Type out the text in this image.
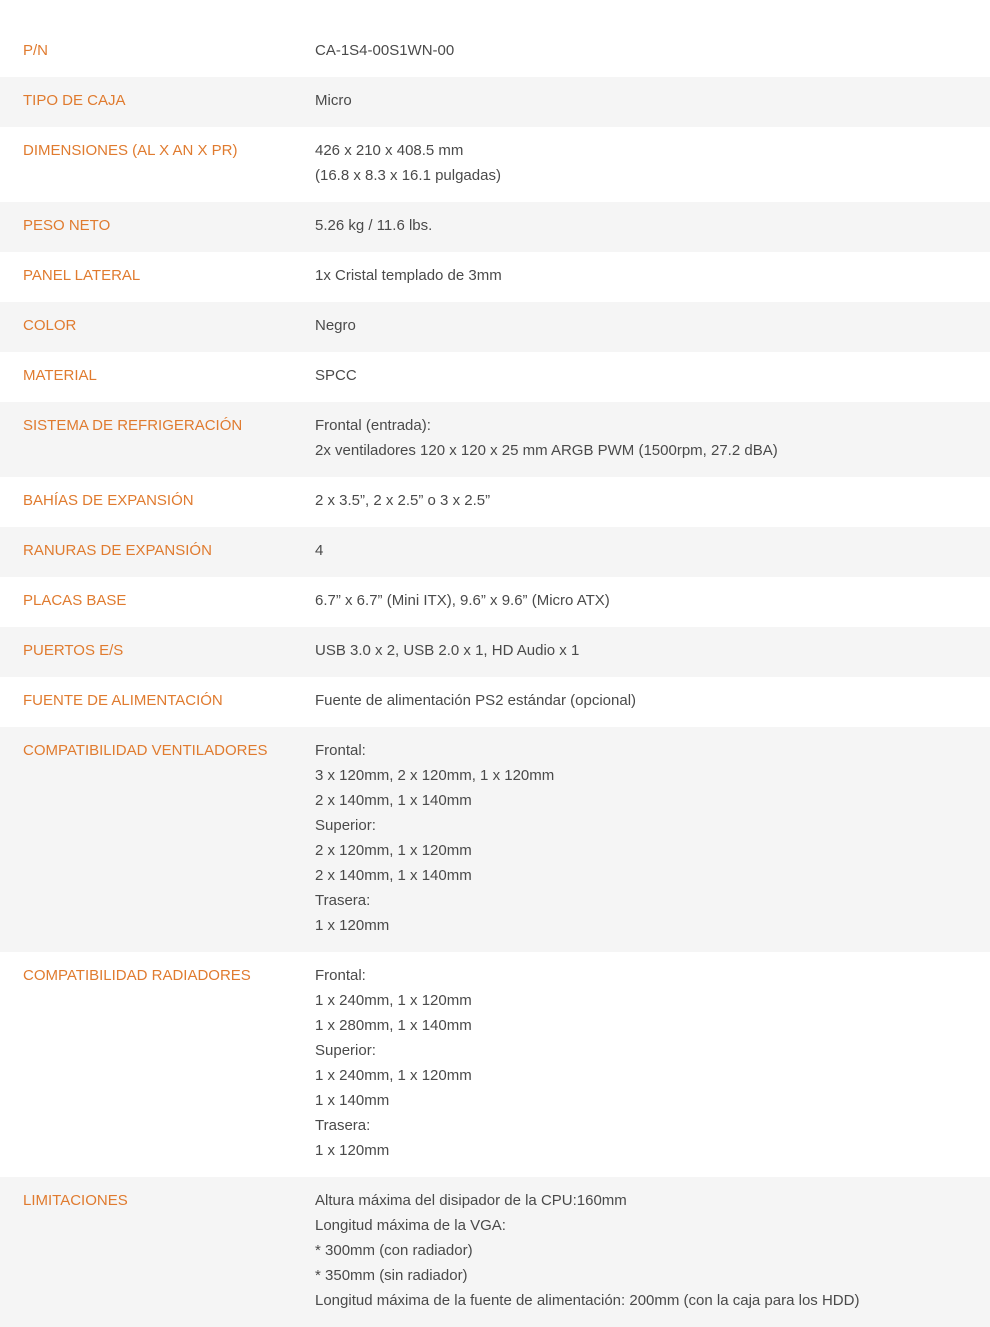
P/N	CA-1S4-00S1WN-00
TIPO DE CAJA	Micro
DIMENSIONES (AL X AN X PR)	426 x 210 x 408.5 mm
(16.8 x 8.3 x 16.1 pulgadas)
PESO NETO	5.26 kg / 11.6 lbs.
PANEL LATERAL	1x Cristal templado de 3mm
COLOR	Negro
MATERIAL	SPCC
SISTEMA DE REFRIGERACIÓN	Frontal (entrada):
2x ventiladores 120 x 120 x 25 mm ARGB PWM (1500rpm, 27.2 dBA)
BAHÍAS DE EXPANSIÓN	2 x 3.5”, 2 x 2.5” o 3 x 2.5”
RANURAS DE EXPANSIÓN	4
PLACAS BASE	6.7” x 6.7” (Mini ITX), 9.6” x 9.6” (Micro ATX)
PUERTOS E/S	USB 3.0 x 2, USB 2.0 x 1, HD Audio x 1
FUENTE DE ALIMENTACIÓN	Fuente de alimentación PS2 estándar (opcional)
COMPATIBILIDAD VENTILADORES	Frontal:
3 x 120mm, 2 x 120mm, 1 x 120mm
2 x 140mm, 1 x 140mm
Superior:
2 x 120mm, 1 x 120mm
2 x 140mm, 1 x 140mm
Trasera:
1 x 120mm
COMPATIBILIDAD RADIADORES	Frontal:
1 x 240mm, 1 x 120mm
1 x 280mm, 1 x 140mm
Superior:
1 x 240mm, 1 x 120mm
1 x 140mm
Trasera:
1 x 120mm
LIMITACIONES	Altura máxima del disipador de la CPU:160mm
Longitud máxima de la VGA:
* 300mm (con radiador)
* 350mm (sin radiador)
Longitud máxima de la fuente de alimentación: 200mm (con la caja para los HDD)
